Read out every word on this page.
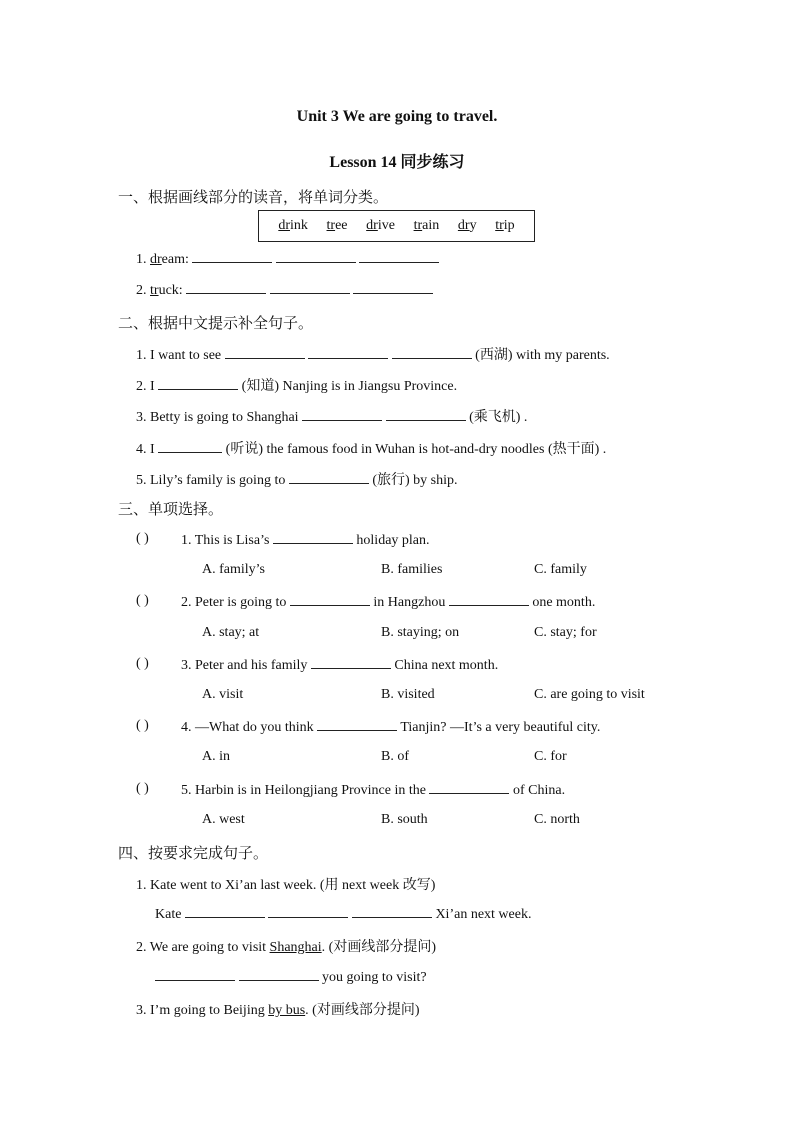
Unit 3 We are going to travel.
Lesson 14 同步练习
一、根据画线部分的读音，将单词分类。
drink tree drive train dry trip
1. dream:
2. truck:
二、根据中文提示补全句子。
1. I want to see	(西湖) with my parents.
2. I	(知道) Nanjing is in Jiangsu Province.
3. Betty is going to Shanghai	(乘飞机) .
4. I	(听说) the famous food in Wuhan is hot-and-dry noodles (热干面) .
5. Lily’s family is going to	(旅行) by ship.
三、单项选择。
( ) 1. This is Lisa’s	holiday plan.
A. family’s	B. families	C. family
( ) 2. Peter is going to	in Hangzhou	one month.
A. stay; at	B. staying; on	C. stay; for
( ) 3. Peter and his family	China next month.
A. visit	B. visited	C. are going to visit
( ) 4. —What do you think	Tianjin? —It’s a very beautiful city.
A. in	B. of	C. for
( ) 5. Harbin is in Heilongjiang Province in the	of China.
A. west	B. south	C. north
四、按要求完成句子。
1. Kate went to Xi’an last week. (用 next week 改写)
Kate	Xi’an next week.
2. We are going to visit Shanghai. (对画线部分提问)
you going to visit?
3. I’m going to Beijing by bus. (对画线部分提问)
